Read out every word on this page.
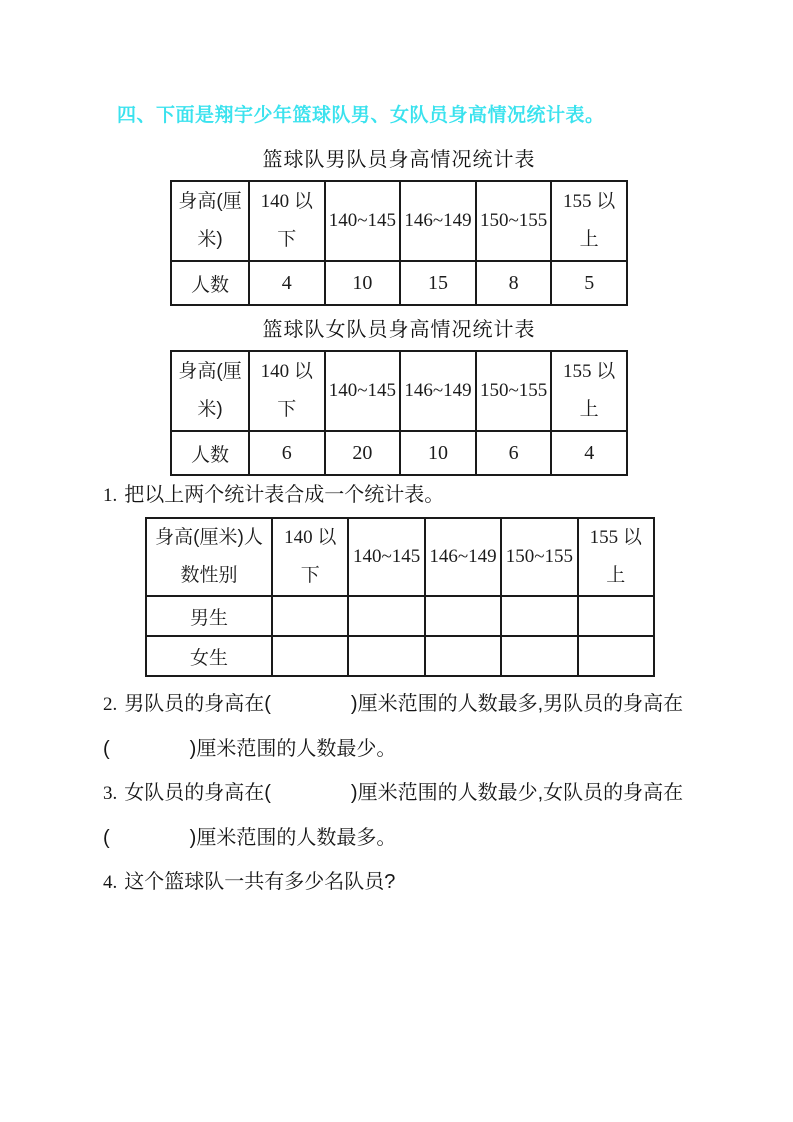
四、下面是翔宇少年篮球队男、女队员身高情况统计表。
篮球队男队员身高情况统计表
身高(厘米)	140 以下	140~145	146~149	150~155	155 以上
人数	4	10	15	8	5
篮球队女队员身高情况统计表
身高(厘米)	140 以下	140~145	146~149	150~155	155 以上
人数	6	20	10	6	4

1. 把以上两个统计表合成一个统计表。

身高(厘米)人数性别	140 以下	140~145	146~149	150~155	155 以上
男生					
女生					

2. 男队员的身高在(　　　　)厘米范围的人数最多,男队员的身高在

(　　　　)厘米范围的人数最少。

3. 女队员的身高在(　　　　)厘米范围的人数最少,女队员的身高在

(　　　　)厘米范围的人数最多。

4. 这个篮球队一共有多少名队员?
